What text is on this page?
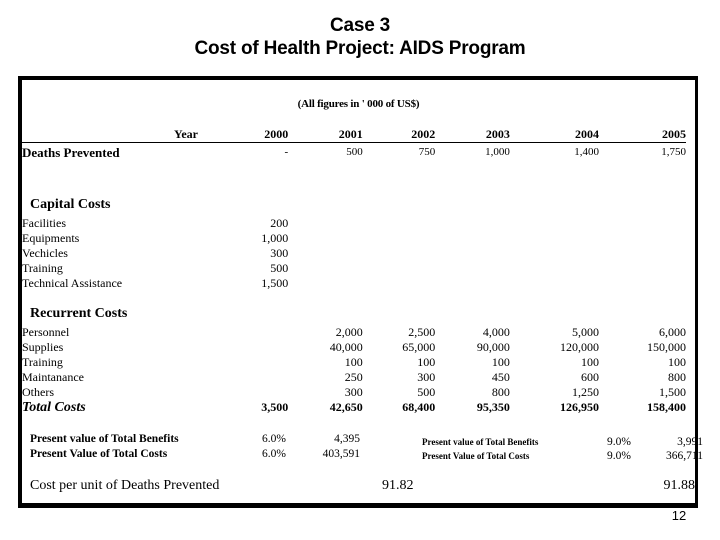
Case 3
Cost of Health Project: AIDS Program
(All figures in ' 000 of US$)
Year	2000	2001	2002	2003	2004	2005
Deaths Prevented	-	500	750	1,000	1,400	1,750
Capital Costs
Facilities	200					
Equipments	1,000					
Vechicles	300					
Training	500					
Technical Assistance	1,500					
Recurrent Costs
Personnel		2,000	2,500	4,000	5,000	6,000
Supplies		40,000	65,000	90,000	120,000	150,000
Training		100	100	100	100	100
Maintanance		250	300	450	600	800
Others		300	500	800	1,250	1,500
Total Costs	3,500	42,650	68,400	95,350	126,950	158,400
Present value of Total Benefits	6.0%	4,395
Present Value of Total Costs	6.0%	403,591
Present value of Total Benefits	9.0%	3,991
Present Value of Total Costs	9.0%	366,711
Cost per unit of Deaths Prevented	91.82	91.88
12
